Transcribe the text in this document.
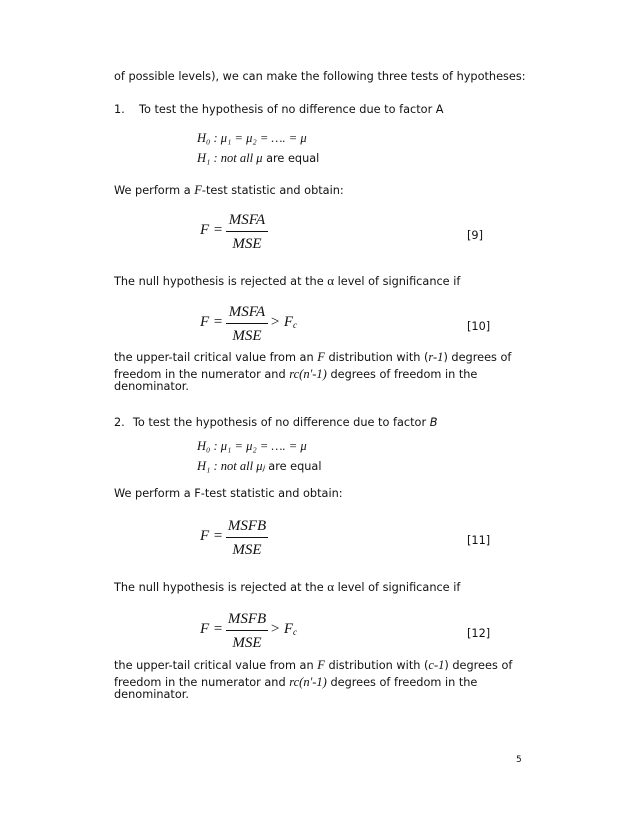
of possible levels), we can make the following three tests of hypotheses:
1. To test the hypothesis of no difference due to factor A
H₀ : μ₁ = μ₂ = …. = μ
H₁ : not all μ are equal
We perform a F-test statistic and obtain:
F =
MSFA
MSE
[9]
The null hypothesis is rejected at the α level of significance if
F =
MSFA
MSE
> $F_c$	[10]
the upper-tail critical value from an F distribution with (r-1) degrees of
freedom in the numerator and rc(n'-1) degrees of freedom in the
denominator.
2. To test the hypothesis of no difference due to factor B
H₀ : μ₁ = μ₂ = …. = μ
H₁ : not all μⱼ are equal
We perform a F-test statistic and obtain:
F =
MSFB
MSE
[11]
The null hypothesis is rejected at the α level of significance if
F =
MSFB
MSE
> $F_c$	[12]
the upper-tail critical value from an F distribution with (c-1) degrees of
freedom in the numerator and rc(n'-1) degrees of freedom in the
denominator.
5
